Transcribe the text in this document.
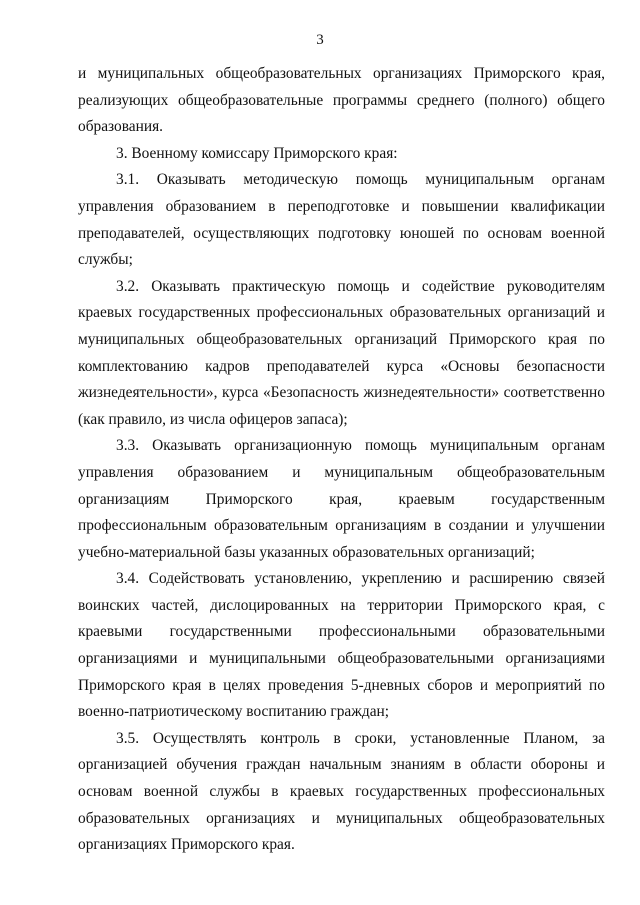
3

и муниципальных общеобразовательных организациях Приморского края, реализующих общеобразовательные программы среднего (полного) общего образования.

3. Военному комиссару Приморского края:

3.1. Оказывать методическую помощь муниципальным органам управления образованием в переподготовке и повышении квалификации преподавателей, осуществляющих подготовку юношей по основам военной службы;

3.2. Оказывать практическую помощь и содействие руководителям краевых государственных профессиональных образовательных организаций и муниципальных общеобразовательных организаций Приморского края по комплектованию кадров преподавателей курса «Основы безопасности жизнедеятельности», курса «Безопасность жизнедеятельности» соответственно (как правило, из числа офицеров запаса);

3.3. Оказывать организационную помощь муниципальным органам управления образованием и муниципальным общеобразовательным организациям Приморского края, краевым государственным профессиональным образовательным организациям в создании и улучшении учебно-материальной базы указанных образовательных организаций;

3.4. Содействовать установлению, укреплению и расширению связей воинских частей, дислоцированных на территории Приморского края, с краевыми государственными профессиональными образовательными организациями и муниципальными общеобразовательными организациями Приморского края в целях проведения 5-дневных сборов и мероприятий по военно-патриотическому воспитанию граждан;

3.5. Осуществлять контроль в сроки, установленные Планом, за организацией обучения граждан начальным знаниям в области обороны и основам военной службы в краевых государственных профессиональных образовательных организациях и муниципальных общеобразовательных организациях Приморского края.
